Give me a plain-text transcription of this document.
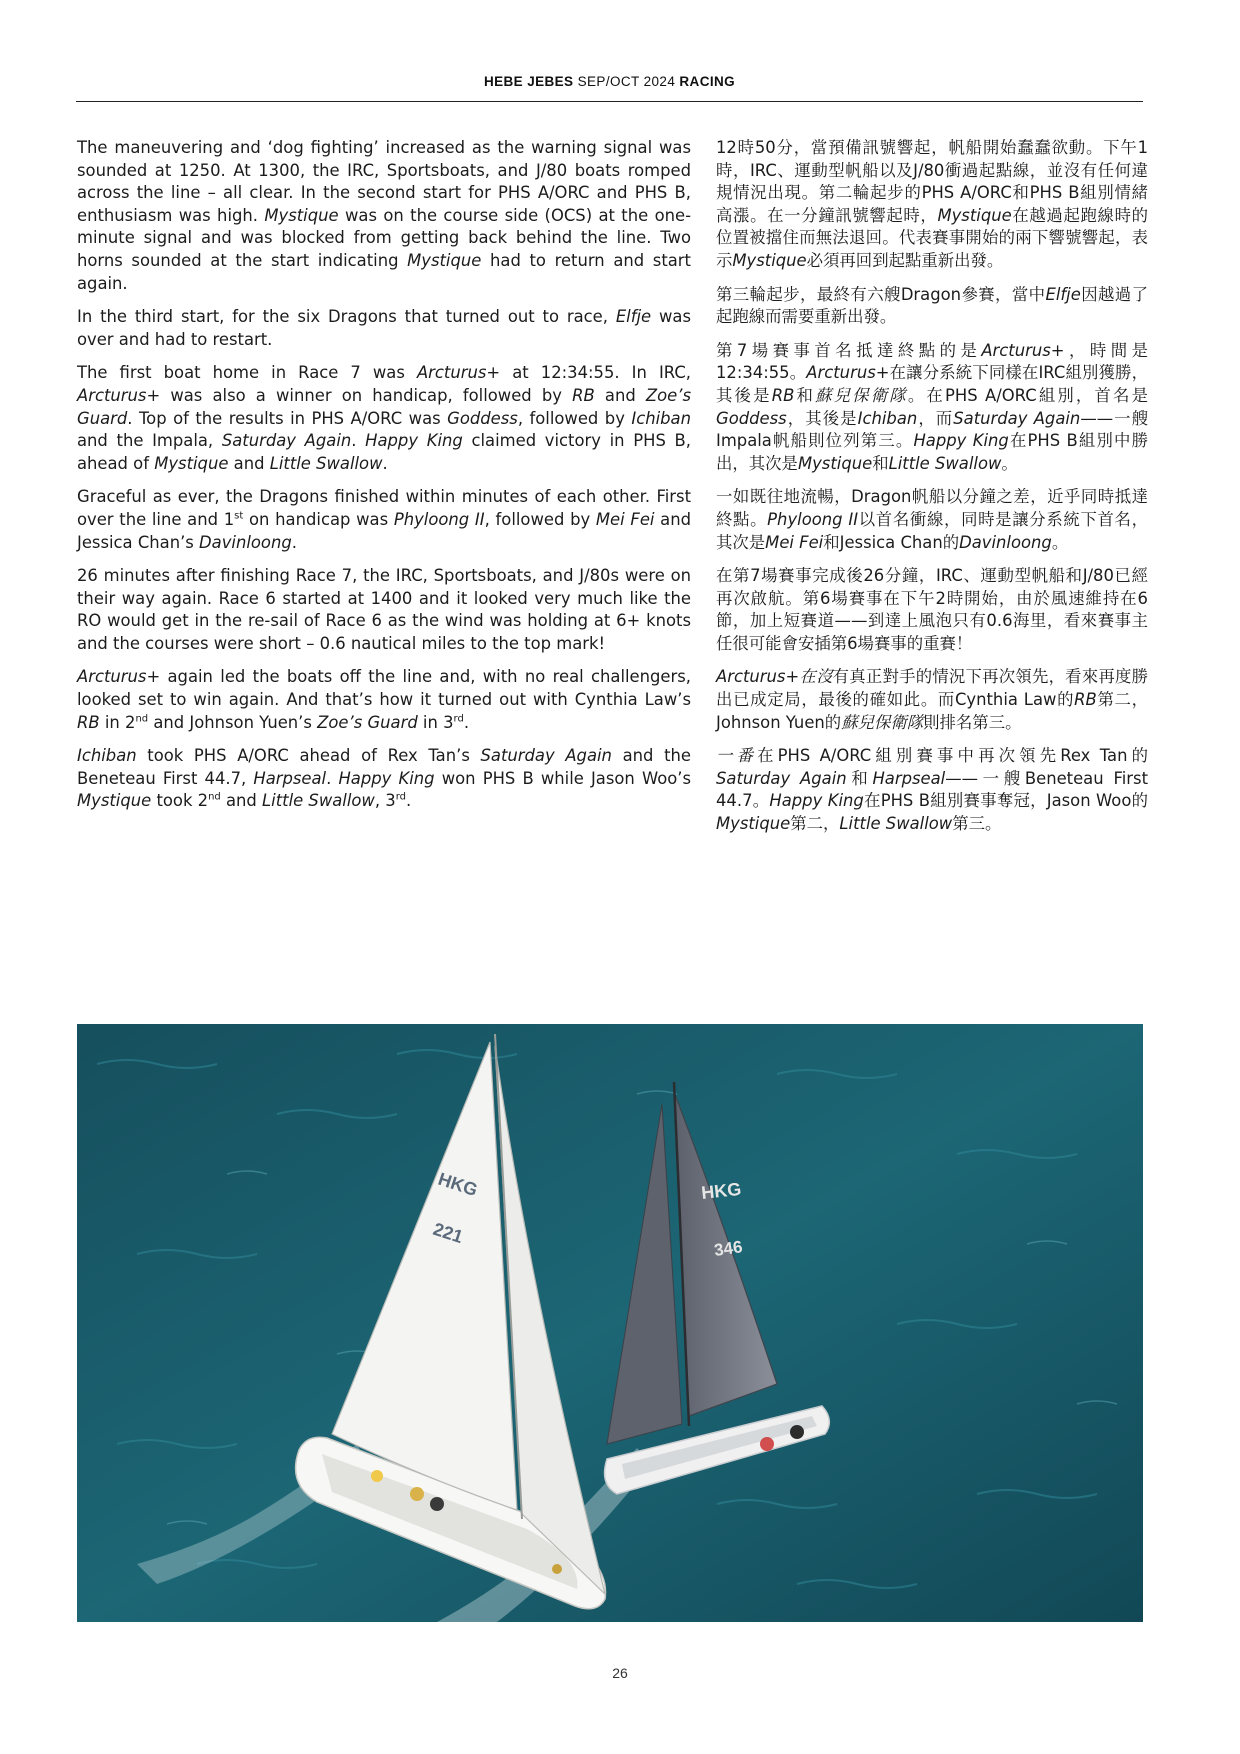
HEBE JEBES SEP/OCT 2024 RACING

The maneuvering and ‘dog fighting’ increased as the warning signal was sounded at 1250. At 1300, the IRC, Sportsboats, and J/80 boats romped across the line – all clear. In the second start for PHS A/ORC and PHS B, enthusiasm was high. Mystique was on the course side (OCS) at the one-minute signal and was blocked from getting back behind the line. Two horns sounded at the start indicating Mystique had to return and start again.

In the third start, for the six Dragons that turned out to race, Elfje was over and had to restart.

The first boat home in Race 7 was Arcturus+ at 12:34:55. In IRC, Arcturus+ was also a winner on handicap, followed by RB and Zoe’s Guard. Top of the results in PHS A/ORC was Goddess, followed by Ichiban and the Impala, Saturday Again. Happy King claimed victory in PHS B, ahead of Mystique and Little Swallow.

Graceful as ever, the Dragons finished within minutes of each other. First over the line and 1st on handicap was Phyloong II, followed by Mei Fei and Jessica Chan’s Davinloong.

26 minutes after finishing Race 7, the IRC, Sportsboats, and J/80s were on their way again. Race 6 started at 1400 and it looked very much like the RO would get in the re-sail of Race 6 as the wind was holding at 6+ knots and the courses were short – 0.6 nautical miles to the top mark!

Arcturus+ again led the boats off the line and, with no real challengers, looked set to win again. And that’s how it turned out with Cynthia Law’s RB in 2nd and Johnson Yuen’s Zoe’s Guard in 3rd.

Ichiban took PHS A/ORC ahead of Rex Tan’s Saturday Again and the Beneteau First 44.7, Harpseal. Happy King won PHS B while Jason Woo’s Mystique took 2nd and Little Swallow, 3rd.

12時50分，當預備訊號響起，帆船開始蠢蠢欲動。下午1時，IRC、運動型帆船以及J/80衝過起點線，並沒有任何違規情況出現。第二輪起步的PHS A/ORC和PHS B組別情緒高漲。在一分鐘訊號響起時，Mystique在越過起跑線時的位置被擋住而無法退回。代表賽事開始的兩下響號響起，表示Mystique必須再回到起點重新出發。

第三輪起步，最終有六艘Dragon參賽，當中Elfje因越過了起跑線而需要重新出發。

第7場賽事首名抵達終點的是Arcturus+，時間是12:34:55。Arcturus+在讓分系統下同樣在IRC組別獲勝，其後是RB和蘇兒保衛隊。在PHS A/ORC組別，首名是Goddess，其後是Ichiban，而Saturday Again——一艘Impala帆船則位列第三。Happy King在PHS B組別中勝出，其次是Mystique和Little Swallow。

一如既往地流暢，Dragon帆船以分鐘之差，近乎同時抵達終點。Phyloong II以首名衝線，同時是讓分系統下首名，其次是Mei Fei和Jessica Chan的Davinloong。

在第7場賽事完成後26分鐘，IRC、運動型帆船和J/80已經再次啟航。第6場賽事在下午2時開始，由於風速維持在6節，加上短賽道——到達上風泡只有0.6海里，看來賽事主任很可能會安插第6場賽事的重賽！

Arcturus+在沒有真正對手的情況下再次領先，看來再度勝出已成定局，最後的確如此。而Cynthia Law的RB第二，Johnson Yuen的蘇兒保衛隊則排名第三。

一番在PHS A/ORC組別賽事中再次領先Rex Tan的Saturday Again和Harpseal——一艘Beneteau First 44.7。Happy King在PHS B組別賽事奪冠，Jason Woo的Mystique第二，Little Swallow第三。

HKG
346
HKG
221
26
